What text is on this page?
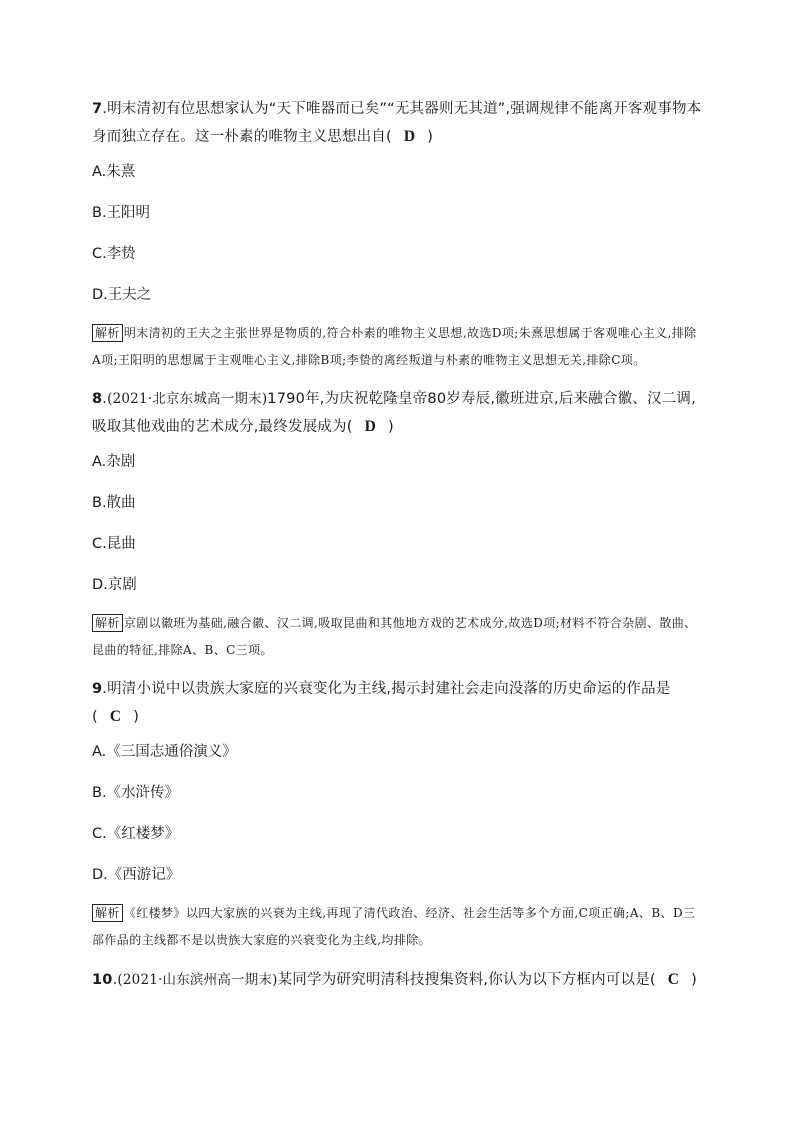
7.明末清初有位思想家认为“天下唯器而已矣”“无其器则无其道”,强调规律不能离开客观事物本身而独立存在。这一朴素的唯物主义思想出自( D )

A.朱熹

B.王阳明

C.李贽

D.王夫之

解析 明末清初的王夫之主张世界是物质的,符合朴素的唯物主义思想,故选D项;朱熹思想属于客观唯心主义,排除A项;王阳明的思想属于主观唯心主义,排除B项;李贽的离经叛道与朴素的唯物主义思想无关,排除C项。

8.(2021·北京东城高一期末)1790年,为庆祝乾隆皇帝80岁寿辰,徽班进京,后来融合徽、汉二调,吸取其他戏曲的艺术成分,最终发展成为( D )

A.杂剧

B.散曲

C.昆曲

D.京剧

解析 京剧以徽班为基础,融合徽、汉二调,吸取昆曲和其他地方戏的艺术成分,故选D项;材料不符合杂剧、散曲、昆曲的特征,排除A、B、C三项。

9.明清小说中以贵族大家庭的兴衰变化为主线,揭示封建社会走向没落的历史命运的作品是( C )

A.《三国志通俗演义》

B.《水浒传》

C.《红楼梦》

D.《西游记》

解析 《红楼梦》以四大家族的兴衰为主线,再现了清代政治、经济、社会生活等多个方面,C项正确;A、B、D三部作品的主线都不是以贵族大家庭的兴衰变化为主线,均排除。

10.(2021·山东滨州高一期末)某同学为研究明清科技搜集资料,你认为以下方框内可以是( C )
